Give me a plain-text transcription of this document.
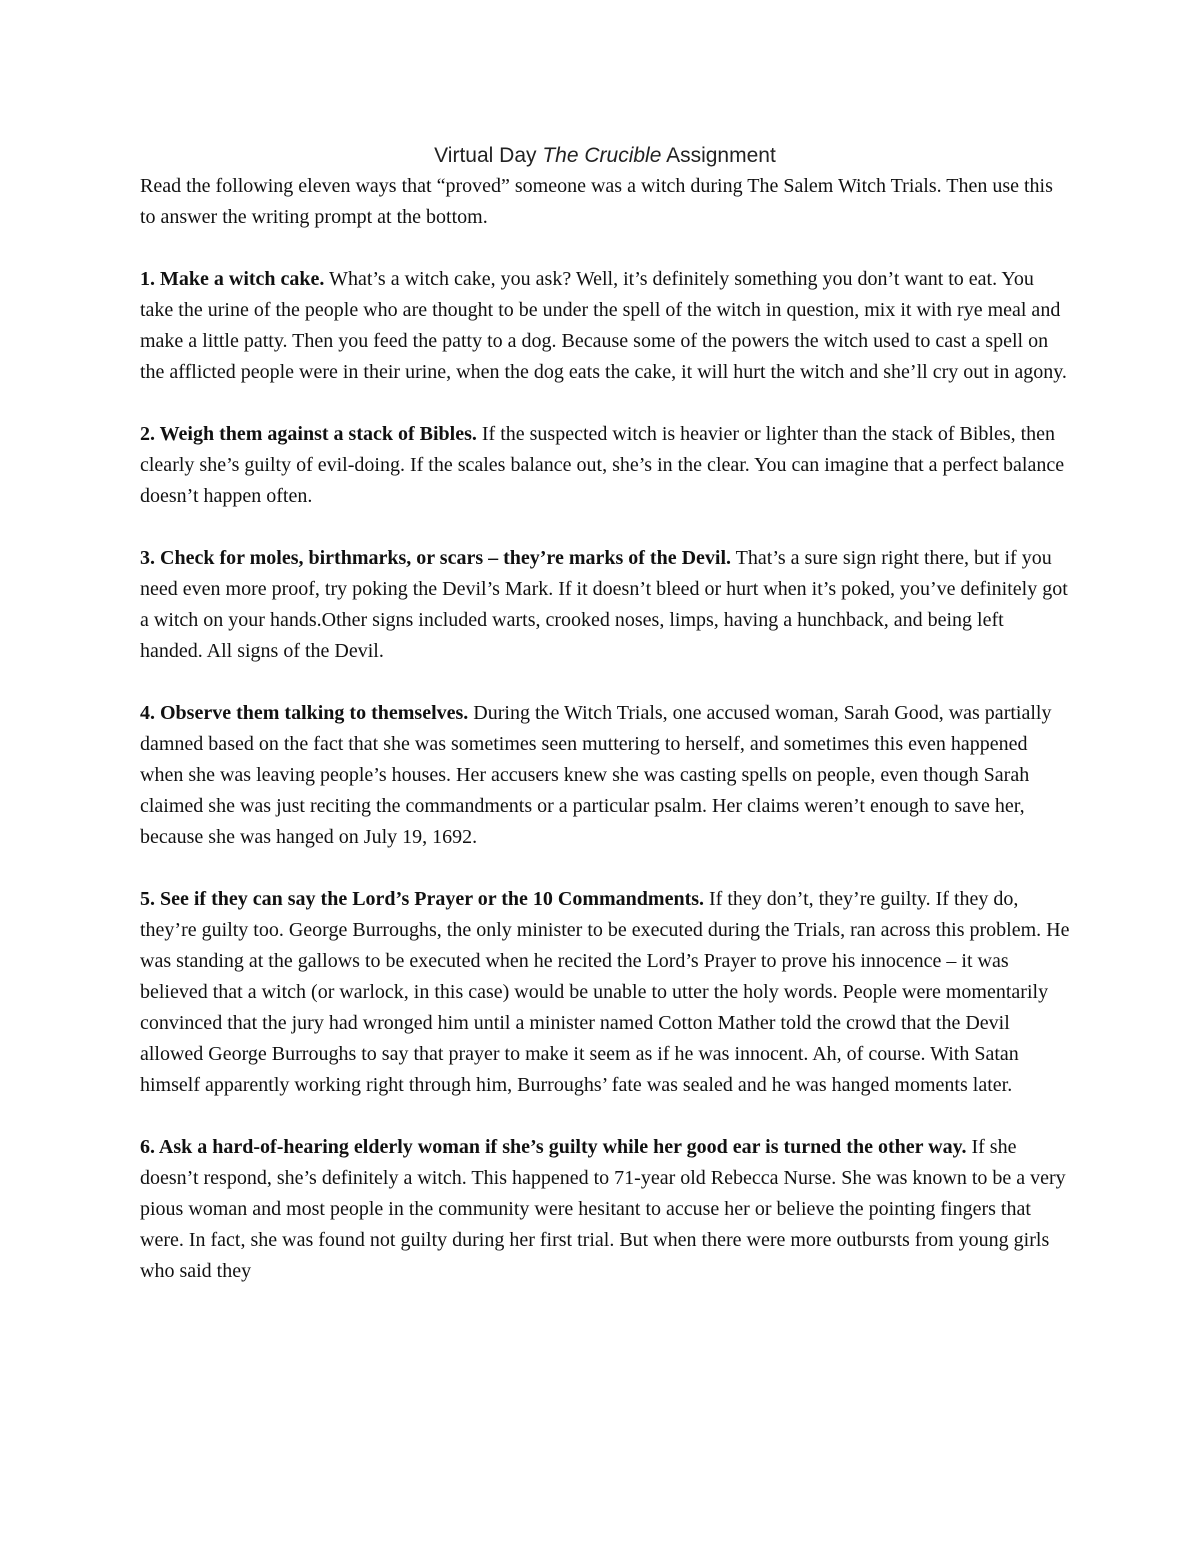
Virtual Day The Crucible Assignment

Read the following eleven ways that “proved” someone was a witch during The Salem Witch Trials. Then use this to answer the writing prompt at the bottom.

1. Make a witch cake. What’s a witch cake, you ask? Well, it’s definitely something you don’t want to eat. You take the urine of the people who are thought to be under the spell of the witch in question, mix it with rye meal and make a little patty. Then you feed the patty to a dog. Because some of the powers the witch used to cast a spell on the afflicted people were in their urine, when the dog eats the cake, it will hurt the witch and she’ll cry out in agony.

2. Weigh them against a stack of Bibles. If the suspected witch is heavier or lighter than the stack of Bibles, then clearly she’s guilty of evil-doing. If the scales balance out, she’s in the clear. You can imagine that a perfect balance doesn’t happen often.

3. Check for moles, birthmarks, or scars – they’re marks of the Devil. That’s a sure sign right there, but if you need even more proof, try poking the Devil’s Mark. If it doesn’t bleed or hurt when it’s poked, you’ve definitely got a witch on your hands.Other signs included warts, crooked noses, limps, having a hunchback, and being left handed. All signs of the Devil.

4. Observe them talking to themselves. During the Witch Trials, one accused woman, Sarah Good, was partially damned based on the fact that she was sometimes seen muttering to herself, and sometimes this even happened when she was leaving people’s houses. Her accusers knew she was casting spells on people, even though Sarah claimed she was just reciting the commandments or a particular psalm. Her claims weren’t enough to save her, because she was hanged on July 19, 1692.

5. See if they can say the Lord’s Prayer or the 10 Commandments. If they don’t, they’re guilty. If they do, they’re guilty too. George Burroughs, the only minister to be executed during the Trials, ran across this problem. He was standing at the gallows to be executed when he recited the Lord’s Prayer to prove his innocence – it was believed that a witch (or warlock, in this case) would be unable to utter the holy words. People were momentarily convinced that the jury had wronged him until a minister named Cotton Mather told the crowd that the Devil allowed George Burroughs to say that prayer to make it seem as if he was innocent. Ah, of course. With Satan himself apparently working right through him, Burroughs’ fate was sealed and he was hanged moments later.

6. Ask a hard-of-hearing elderly woman if she’s guilty while her good ear is turned the other way. If she doesn’t respond, she’s definitely a witch. This happened to 71-year old Rebecca Nurse. She was known to be a very pious woman and most people in the community were hesitant to accuse her or believe the pointing fingers that were. In fact, she was found not guilty during her first trial. But when there were more outbursts from young girls who said they
